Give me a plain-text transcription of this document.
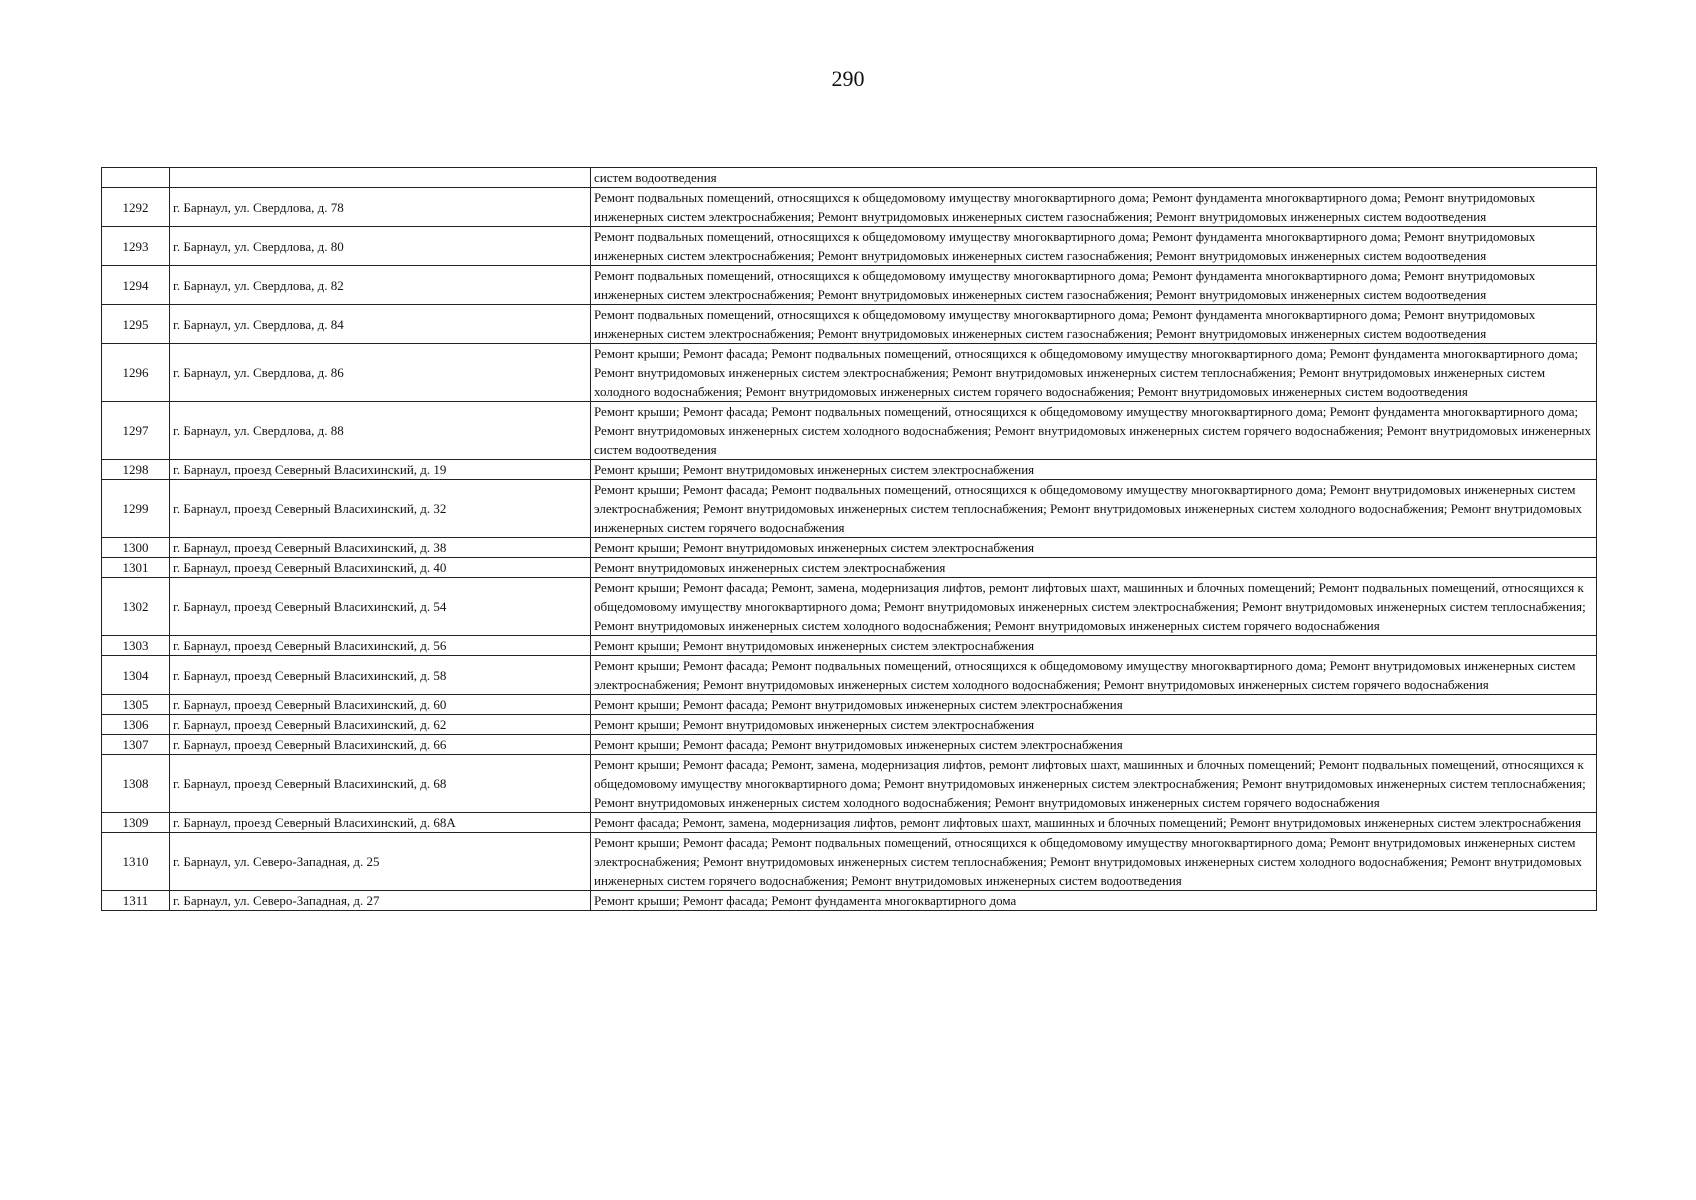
290
		систем водоотведения
1292	г. Барнаул, ул. Свердлова, д. 78	Ремонт подвальных помещений, относящихся к общедомовому имуществу многоквартирного дома; Ремонт фундамента многоквартирного дома; Ремонт внутридомовых инженерных систем электроснабжения; Ремонт внутридомовых инженерных систем газоснабжения; Ремонт внутридомовых инженерных систем водоотведения
1293	г. Барнаул, ул. Свердлова, д. 80	Ремонт подвальных помещений, относящихся к общедомовому имуществу многоквартирного дома; Ремонт фундамента многоквартирного дома; Ремонт внутридомовых инженерных систем электроснабжения; Ремонт внутридомовых инженерных систем газоснабжения; Ремонт внутридомовых инженерных систем водоотведения
1294	г. Барнаул, ул. Свердлова, д. 82	Ремонт подвальных помещений, относящихся к общедомовому имуществу многоквартирного дома; Ремонт фундамента многоквартирного дома; Ремонт внутридомовых инженерных систем электроснабжения; Ремонт внутридомовых инженерных систем газоснабжения; Ремонт внутридомовых инженерных систем водоотведения
1295	г. Барнаул, ул. Свердлова, д. 84	Ремонт подвальных помещений, относящихся к общедомовому имуществу многоквартирного дома; Ремонт фундамента многоквартирного дома; Ремонт внутридомовых инженерных систем электроснабжения; Ремонт внутридомовых инженерных систем газоснабжения; Ремонт внутридомовых инженерных систем водоотведения
1296	г. Барнаул, ул. Свердлова, д. 86	Ремонт крыши; Ремонт фасада; Ремонт подвальных помещений, относящихся к общедомовому имуществу многоквартирного дома; Ремонт фундамента многоквартирного дома; Ремонт внутридомовых инженерных систем электроснабжения; Ремонт внутридомовых инженерных систем теплоснабжения; Ремонт внутридомовых инженерных систем холодного водоснабжения; Ремонт внутридомовых инженерных систем горячего водоснабжения; Ремонт внутридомовых инженерных систем водоотведения
1297	г. Барнаул, ул. Свердлова, д. 88	Ремонт крыши; Ремонт фасада; Ремонт подвальных помещений, относящихся к общедомовому имуществу многоквартирного дома; Ремонт фундамента многоквартирного дома; Ремонт внутридомовых инженерных систем холодного водоснабжения; Ремонт внутридомовых инженерных систем горячего водоснабжения; Ремонт внутридомовых инженерных систем водоотведения
1298	г. Барнаул, проезд Северный Власихинский, д. 19	Ремонт крыши; Ремонт внутридомовых инженерных систем электроснабжения
1299	г. Барнаул, проезд Северный Власихинский, д. 32	Ремонт крыши; Ремонт фасада; Ремонт подвальных помещений, относящихся к общедомовому имуществу многоквартирного дома; Ремонт внутридомовых инженерных систем электроснабжения; Ремонт внутридомовых инженерных систем теплоснабжения; Ремонт внутридомовых инженерных систем холодного водоснабжения; Ремонт внутридомовых инженерных систем горячего водоснабжения
1300	г. Барнаул, проезд Северный Власихинский, д. 38	Ремонт крыши; Ремонт внутридомовых инженерных систем электроснабжения
1301	г. Барнаул, проезд Северный Власихинский, д. 40	Ремонт внутридомовых инженерных систем электроснабжения
1302	г. Барнаул, проезд Северный Власихинский, д. 54	Ремонт крыши; Ремонт фасада; Ремонт, замена, модернизация лифтов, ремонт лифтовых шахт, машинных и блочных помещений; Ремонт подвальных помещений, относящихся к общедомовому имуществу многоквартирного дома; Ремонт внутридомовых инженерных систем электроснабжения; Ремонт внутридомовых инженерных систем теплоснабжения; Ремонт внутридомовых инженерных систем холодного водоснабжения; Ремонт внутридомовых инженерных систем горячего водоснабжения
1303	г. Барнаул, проезд Северный Власихинский, д. 56	Ремонт крыши; Ремонт внутридомовых инженерных систем электроснабжения
1304	г. Барнаул, проезд Северный Власихинский, д. 58	Ремонт крыши; Ремонт фасада; Ремонт подвальных помещений, относящихся к общедомовому имуществу многоквартирного дома; Ремонт внутридомовых инженерных систем электроснабжения; Ремонт внутридомовых инженерных систем холодного водоснабжения; Ремонт внутридомовых инженерных систем горячего водоснабжения
1305	г. Барнаул, проезд Северный Власихинский, д. 60	Ремонт крыши; Ремонт фасада; Ремонт внутридомовых инженерных систем электроснабжения
1306	г. Барнаул, проезд Северный Власихинский, д. 62	Ремонт крыши; Ремонт внутридомовых инженерных систем электроснабжения
1307	г. Барнаул, проезд Северный Власихинский, д. 66	Ремонт крыши; Ремонт фасада; Ремонт внутридомовых инженерных систем электроснабжения
1308	г. Барнаул, проезд Северный Власихинский, д. 68	Ремонт крыши; Ремонт фасада; Ремонт, замена, модернизация лифтов, ремонт лифтовых шахт, машинных и блочных помещений; Ремонт подвальных помещений, относящихся к общедомовому имуществу многоквартирного дома; Ремонт внутридомовых инженерных систем электроснабжения; Ремонт внутридомовых инженерных систем теплоснабжения; Ремонт внутридомовых инженерных систем холодного водоснабжения; Ремонт внутридомовых инженерных систем горячего водоснабжения
1309	г. Барнаул, проезд Северный Власихинский, д. 68А	Ремонт фасада; Ремонт, замена, модернизация лифтов, ремонт лифтовых шахт, машинных и блочных помещений; Ремонт внутридомовых инженерных систем электроснабжения
1310	г. Барнаул, ул. Северо-Западная, д. 25	Ремонт крыши; Ремонт фасада; Ремонт подвальных помещений, относящихся к общедомовому имуществу многоквартирного дома; Ремонт внутридомовых инженерных систем электроснабжения; Ремонт внутридомовых инженерных систем теплоснабжения; Ремонт внутридомовых инженерных систем холодного водоснабжения; Ремонт внутридомовых инженерных систем горячего водоснабжения; Ремонт внутридомовых инженерных систем водоотведения
1311	г. Барнаул, ул. Северо-Западная, д. 27	Ремонт крыши; Ремонт фасада; Ремонт фундамента многоквартирного дома
